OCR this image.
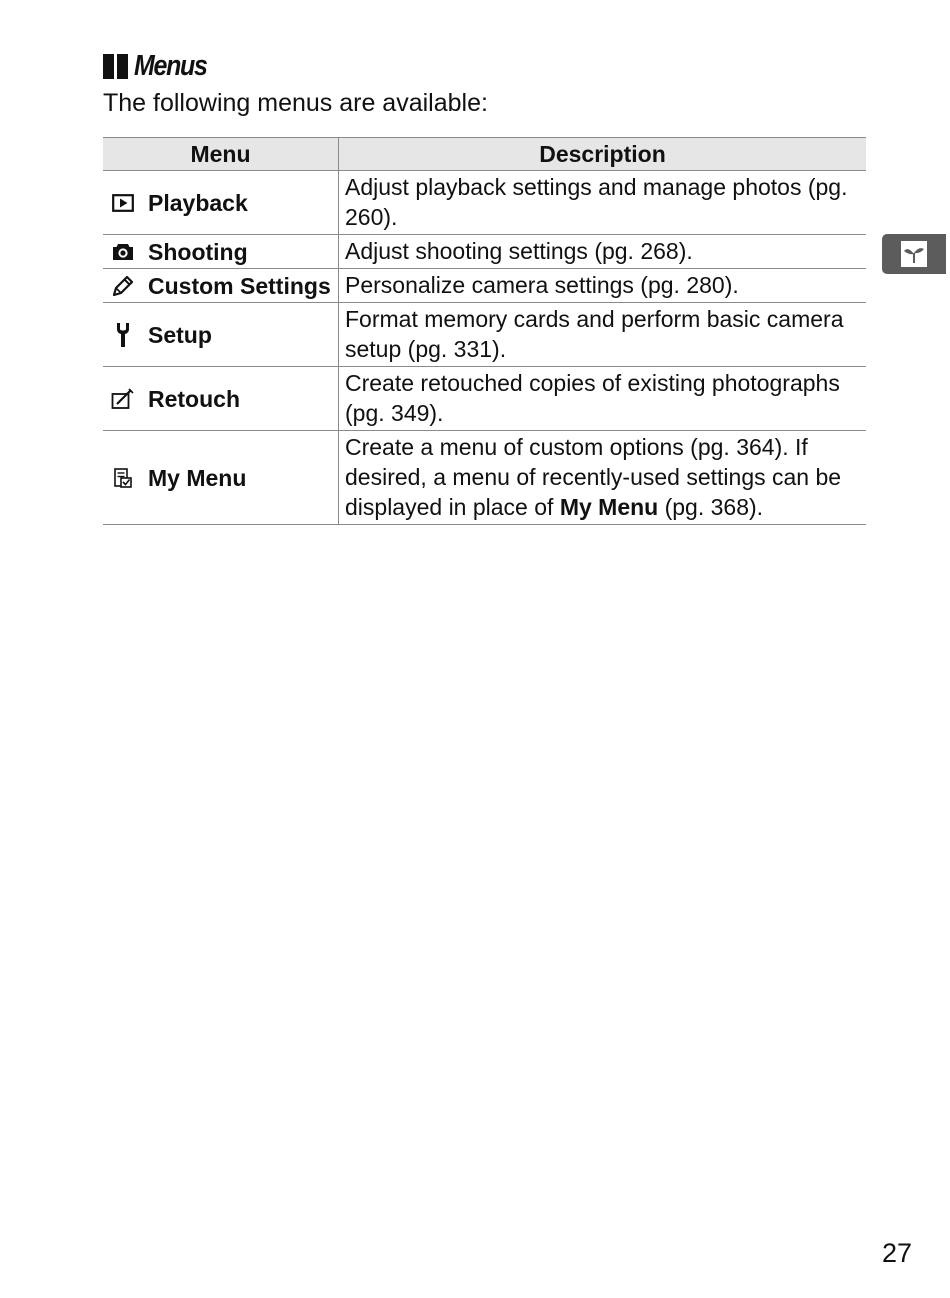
Menus
The following menus are available:
Menu	Description

Playback	Adjust playback settings and manage photos (pg. 260).

Shooting	Adjust shooting settings (pg. 268).

Custom Settings	Personalize camera settings (pg. 280).

Setup	Format memory cards and perform basic camera setup (pg. 331).

Retouch	Create retouched copies of existing photographs (pg. 349).

My Menu	Create a menu of custom options (pg. 364). If desired, a menu of recently-used settings can be displayed in place of My Menu (pg. 368).
27
